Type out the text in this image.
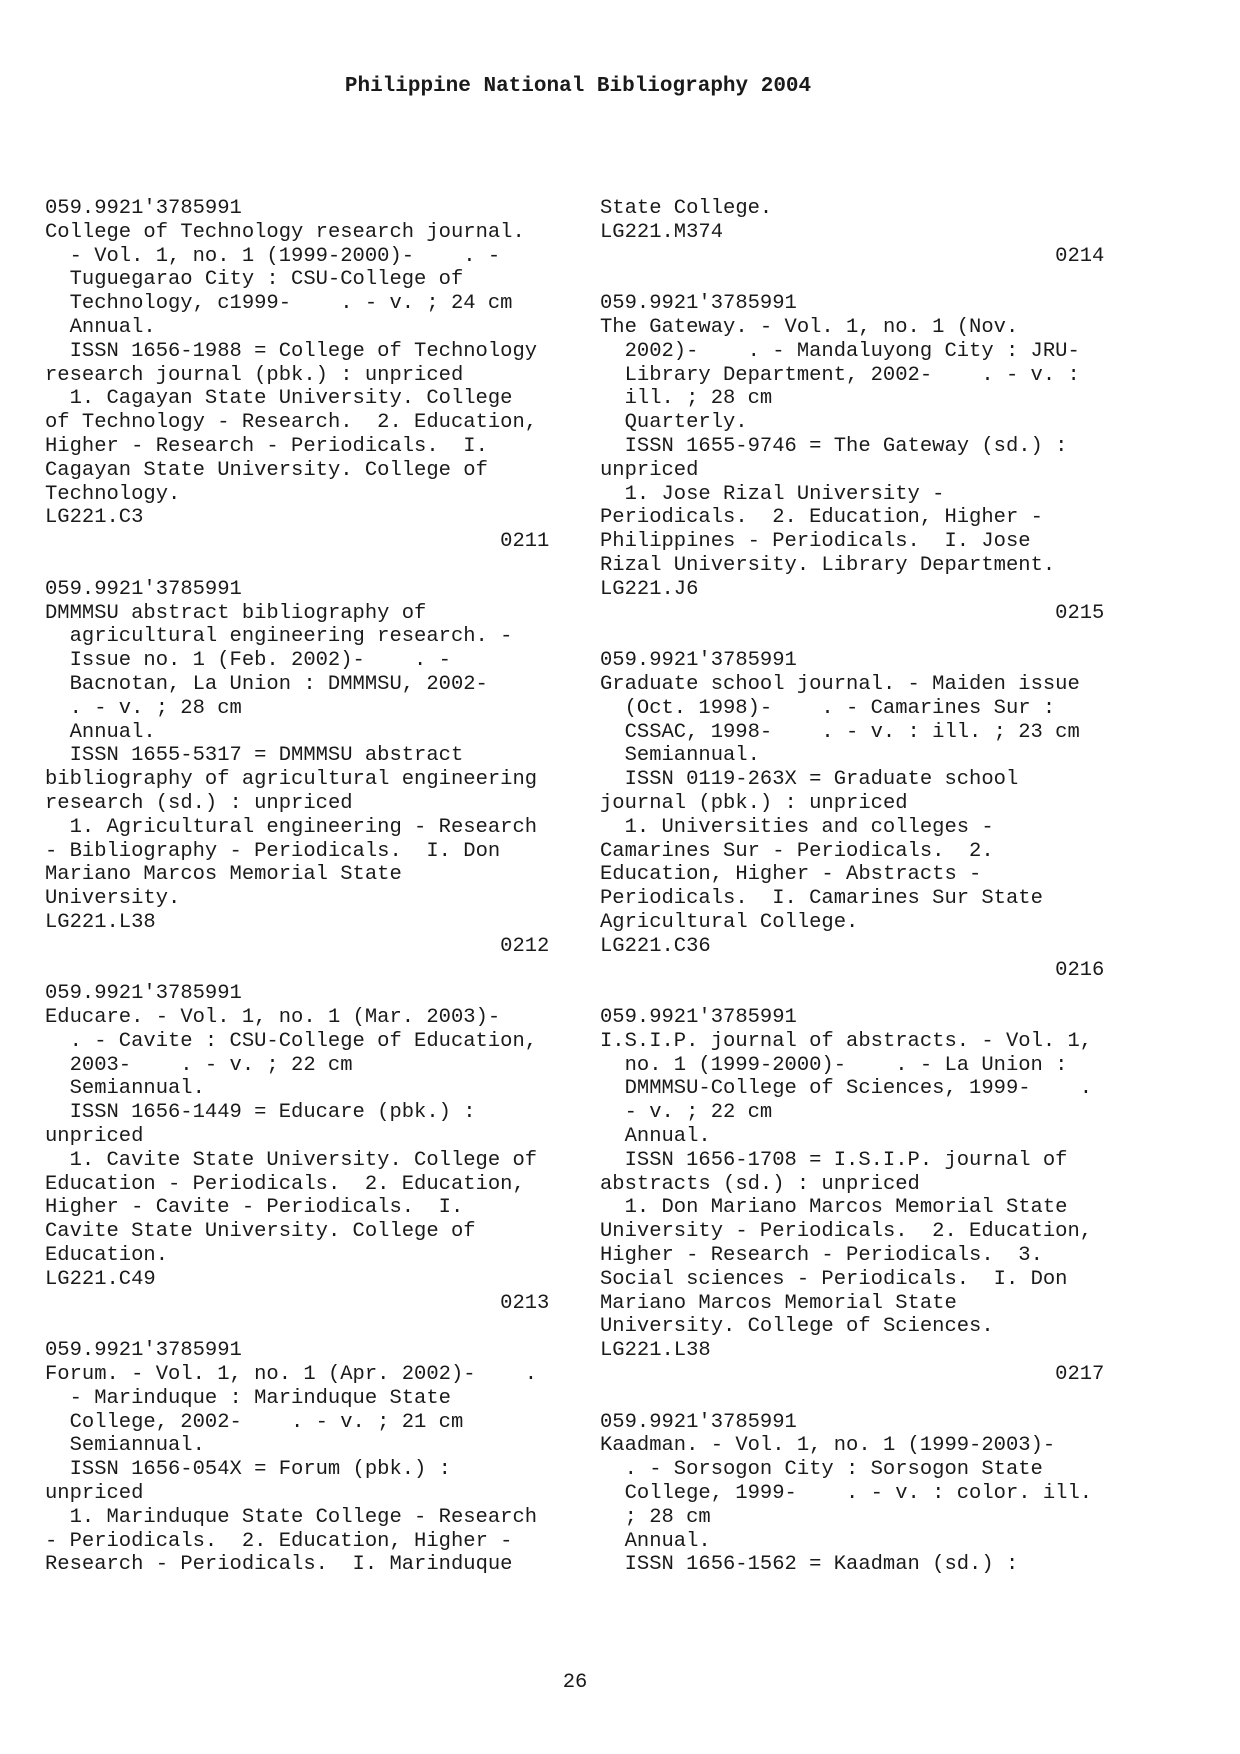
Philippine National Bibliography 2004
059.9921'3785991
College of Technology research journal.
- Vol. 1, no. 1 (1999-2000)-    . -
Tuguegarao City : CSU-College of
Technology, c1999-    . - v. ; 24 cm
Annual.
ISSN 1656-1988 = College of Technology
research journal (pbk.) : unpriced
1. Cagayan State University. College
of Technology - Research.  2. Education,
Higher - Research - Periodicals.  I.
Cagayan State University. College of
Technology.
LG221.C3
0211
059.9921'3785991
DMMMSU abstract bibliography of
agricultural engineering research. -
Issue no. 1 (Feb. 2002)-    . -
Bacnotan, La Union : DMMMSU, 2002-
. - v. ; 28 cm
Annual.
ISSN 1655-5317 = DMMMSU abstract
bibliography of agricultural engineering
research (sd.) : unpriced
1. Agricultural engineering - Research
- Bibliography - Periodicals.  I. Don
Mariano Marcos Memorial State
University.
LG221.L38
0212
059.9921'3785991
Educare. - Vol. 1, no. 1 (Mar. 2003)-
. - Cavite : CSU-College of Education,
2003-    . - v. ; 22 cm
Semiannual.
ISSN 1656-1449 = Educare (pbk.) :
unpriced
1. Cavite State University. College of
Education - Periodicals.  2. Education,
Higher - Cavite - Periodicals.  I.
Cavite State University. College of
Education.
LG221.C49
0213
059.9921'3785991
Forum. - Vol. 1, no. 1 (Apr. 2002)-    .
- Marinduque : Marinduque State
College, 2002-    . - v. ; 21 cm
Semiannual.
ISSN 1656-054X = Forum (pbk.) :
unpriced
1. Marinduque State College - Research
- Periodicals.  2. Education, Higher -
Research - Periodicals.  I. Marinduque
State College.
LG221.M374
0214
059.9921'3785991
The Gateway. - Vol. 1, no. 1 (Nov.
2002)-    . - Mandaluyong City : JRU-
Library Department, 2002-    . - v. :
ill. ; 28 cm
Quarterly.
ISSN 1655-9746 = The Gateway (sd.) :
unpriced
1. Jose Rizal University -
Periodicals.  2. Education, Higher -
Philippines - Periodicals.  I. Jose
Rizal University. Library Department.
LG221.J6
0215
059.9921'3785991
Graduate school journal. - Maiden issue
(Oct. 1998)-    . - Camarines Sur :
CSSAC, 1998-    . - v. : ill. ; 23 cm
Semiannual.
ISSN 0119-263X = Graduate school
journal (pbk.) : unpriced
1. Universities and colleges -
Camarines Sur - Periodicals.  2.
Education, Higher - Abstracts -
Periodicals.  I. Camarines Sur State
Agricultural College.
LG221.C36
0216
059.9921'3785991
I.S.I.P. journal of abstracts. - Vol. 1,
no. 1 (1999-2000)-    . - La Union :
DMMMSU-College of Sciences, 1999-    .
- v. ; 22 cm
Annual.
ISSN 1656-1708 = I.S.I.P. journal of
abstracts (sd.) : unpriced
1. Don Mariano Marcos Memorial State
University - Periodicals.  2. Education,
Higher - Research - Periodicals.  3.
Social sciences - Periodicals.  I. Don
Mariano Marcos Memorial State
University. College of Sciences.
LG221.L38
0217
059.9921'3785991
Kaadman. - Vol. 1, no. 1 (1999-2003)-
. - Sorsogon City : Sorsogon State
College, 1999-    . - v. : color. ill.
; 28 cm
Annual.
ISSN 1656-1562 = Kaadman (sd.) :
26
